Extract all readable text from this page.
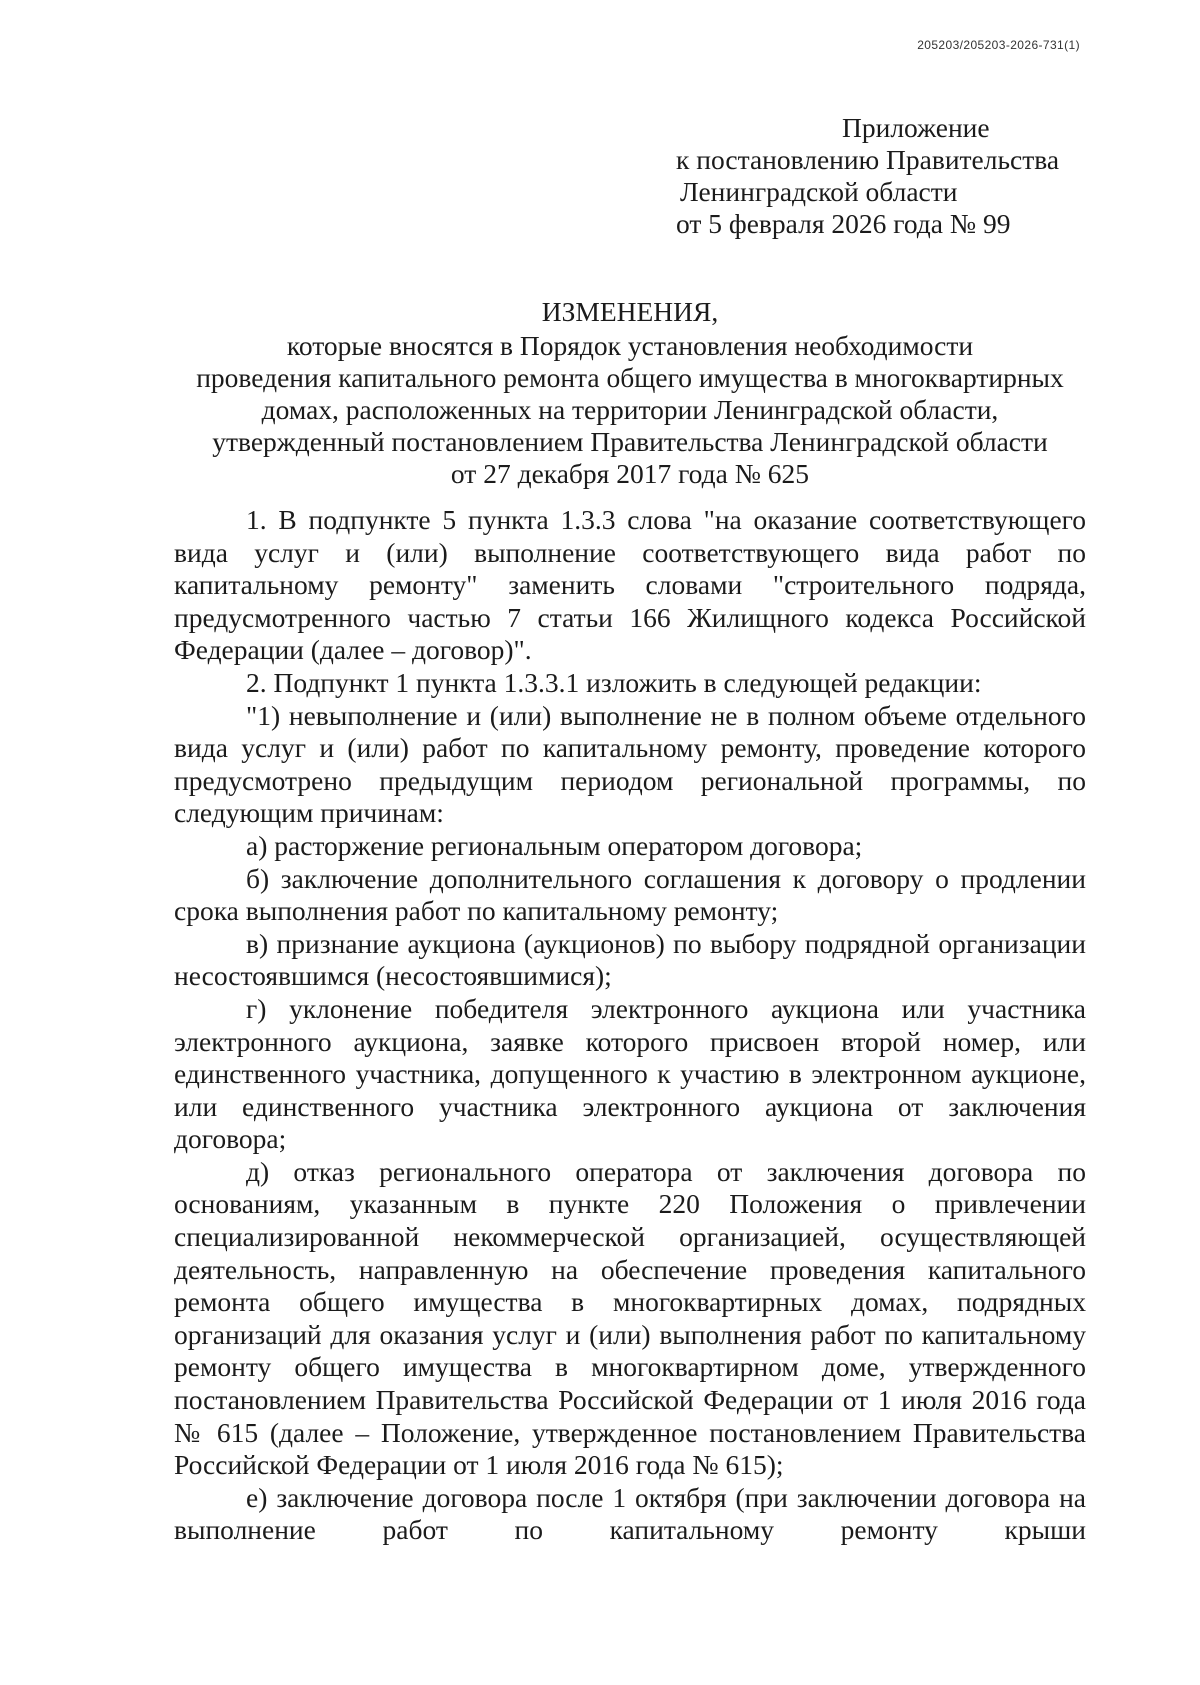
205203/205203-2026-731(1)
Приложение
к постановлению Правительства
Ленинградской области
от 5 февраля 2026 года № 99
ИЗМЕНЕНИЯ,
которые вносятся в Порядок установления необходимости
проведения капитального ремонта общего имущества в многоквартирных
домах, расположенных на территории Ленинградской области,
утвержденный постановлением Правительства Ленинградской области
от 27 декабря 2017 года № 625

1. В подпункте 5 пункта 1.3.3 слова "на оказание соответствующего вида услуг и (или) выполнение соответствующего вида работ по капитальному ремонту" заменить словами "строительного подряда, предусмотренного частью 7 статьи 166 Жилищного кодекса Российской Федерации (далее – договор)".

2. Подпункт 1 пункта 1.3.3.1 изложить в следующей редакции:

"1) невыполнение и (или) выполнение не в полном объеме отдельного вида услуг и (или) работ по капитальному ремонту, проведение которого предусмотрено предыдущим периодом региональной программы, по следующим причинам:

а) расторжение региональным оператором договора;

б) заключение дополнительного соглашения к договору о продлении срока выполнения работ по капитальному ремонту;

в) признание аукциона (аукционов) по выбору подрядной организации несостоявшимся (несостоявшимися);

г) уклонение победителя электронного аукциона или участника электронного аукциона, заявке которого присвоен второй номер, или единственного участника, допущенного к участию в электронном аукционе, или единственного участника электронного аукциона от заключения договора;

д) отказ регионального оператора от заключения договора по основаниям, указанным в пункте 220 Положения о привлечении специализированной некоммерческой организацией, осуществляющей деятельность, направленную на обеспечение проведения капитального ремонта общего имущества в многоквартирных домах, подрядных организаций для оказания услуг и (или) выполнения работ по капитальному ремонту общего имущества в многоквартирном доме, утвержденного постановлением Правительства Российской Федерации от 1 июля 2016 года № 615 (далее – Положение, утвержденное постановлением Правительства Российской Федерации от 1 июля 2016 года № 615);

е) заключение договора после 1 октября (при заключении договора на выполнение работ по капитальному ремонту крыши
